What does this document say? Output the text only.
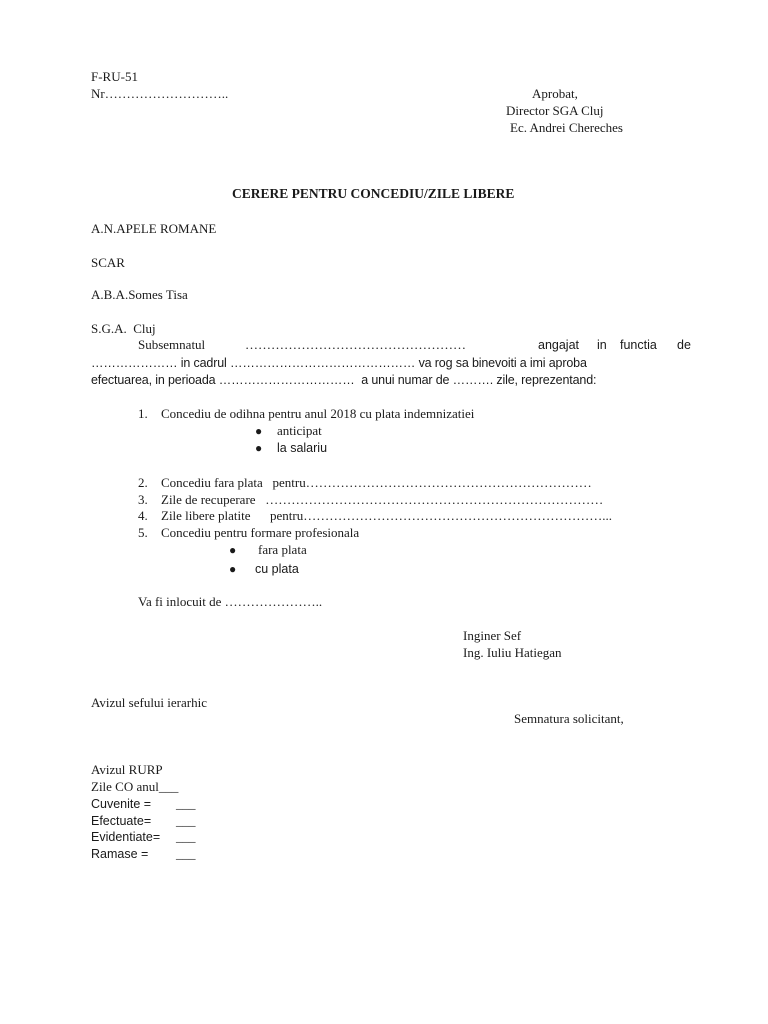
F-RU-51
Nr………………………..	Aprobat,
Director SGA Cluj
Ec. Andrei Chereches
CERERE PENTRU CONCEDIU/ZILE LIBERE
A.N.APELE ROMANE
SCAR
A.B.A.Somes Tisa
S.G.A.  Cluj
Subsemnatul	……………………………………………	angajat in functia de
………………… in cadrul ……………………………………… va rog sa binevoiti a imi aproba
efectuarea, in perioada ……………………………  a unui numar de ………. zile, reprezentand:
1. Concediu de odihna pentru anul 2018 cu plata indemnizatiei
● anticipat
● la salariu
2. Concediu fara plata   pentru…………………………………………………………
3. Zile de recuperare   ……………………………………………………………………
4. Zile libere platite      pentru……………………………………………………………...
5. Concediu pentru formare profesionala
● fara plata
● cu plata
Va fi inlocuit de …………………..
Inginer Sef
Ing. Iuliu Hatiegan
Avizul sefului ierarhic
Semnatura solicitant,
Avizul RURP
Zile CO anul___
Cuvenite = ___
Efectuate= ___
Evidentiate= ___
Ramase = ___
